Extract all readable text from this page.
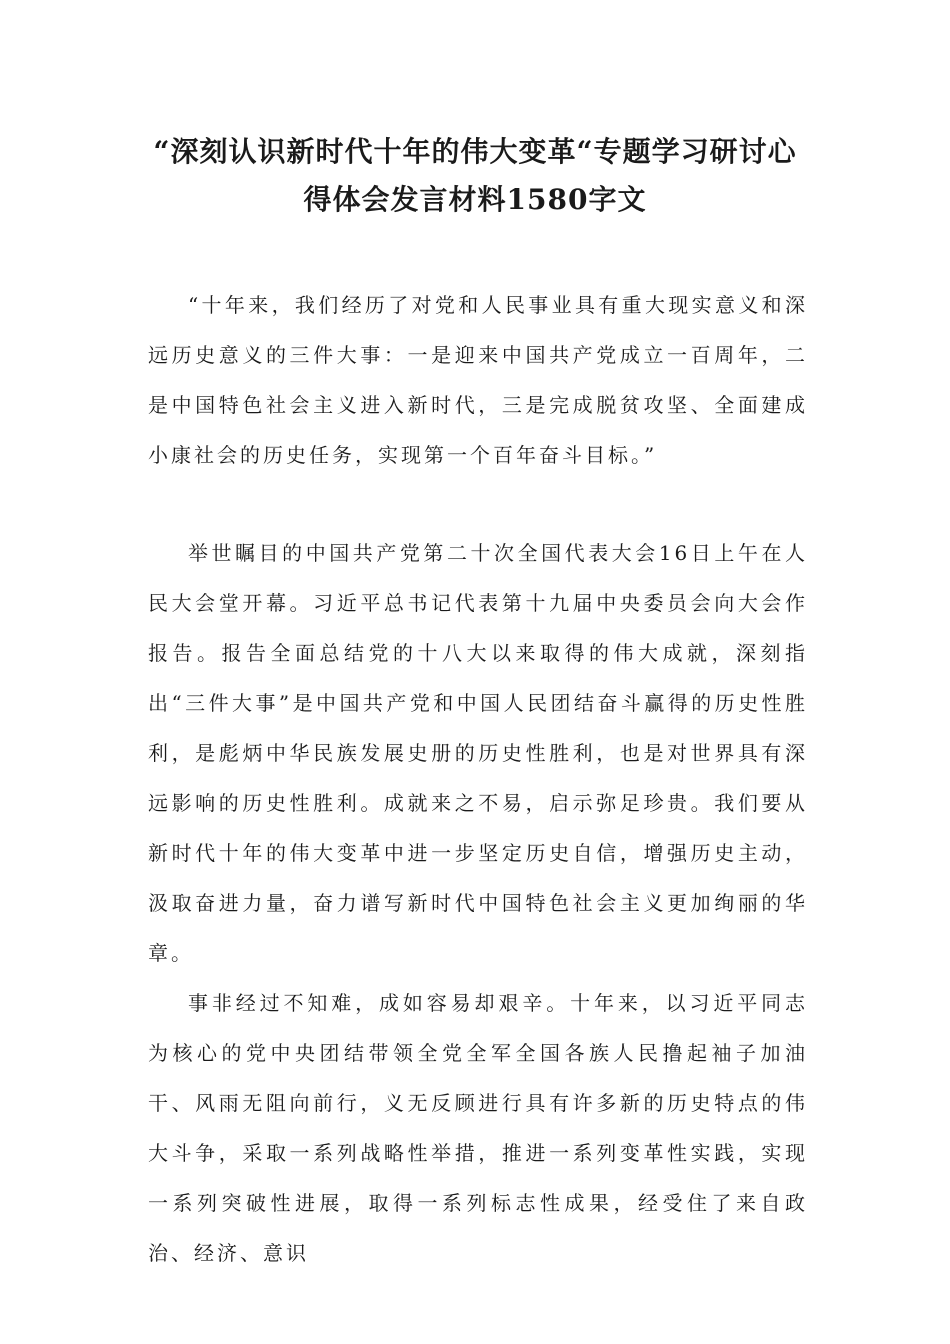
“深刻认识新时代十年的伟大变革“专题学习研讨心得体会发言材料1580字文

“十年来，我们经历了对党和人民事业具有重大现实意义和深远历史意义的三件大事：一是迎来中国共产党成立一百周年，二是中国特色社会主义进入新时代，三是完成脱贫攻坚、全面建成小康社会的历史任务，实现第一个百年奋斗目标。”

举世瞩目的中国共产党第二十次全国代表大会16日上午在人民大会堂开幕。习近平总书记代表第十九届中央委员会向大会作报告。报告全面总结党的十八大以来取得的伟大成就，深刻指出“三件大事”是中国共产党和中国人民团结奋斗赢得的历史性胜利，是彪炳中华民族发展史册的历史性胜利，也是对世界具有深远影响的历史性胜利。成就来之不易，启示弥足珍贵。我们要从新时代十年的伟大变革中进一步坚定历史自信，增强历史主动，汲取奋进力量，奋力谱写新时代中国特色社会主义更加绚丽的华章。

事非经过不知难，成如容易却艰辛。十年来，以习近平同志为核心的党中央团结带领全党全军全国各族人民撸起袖子加油干、风雨无阻向前行，义无反顾进行具有许多新的历史特点的伟大斗争，采取一系列战略性举措，推进一系列变革性实践，实现一系列突破性进展，取得一系列标志性成果，经受住了来自政治、经济、意识
